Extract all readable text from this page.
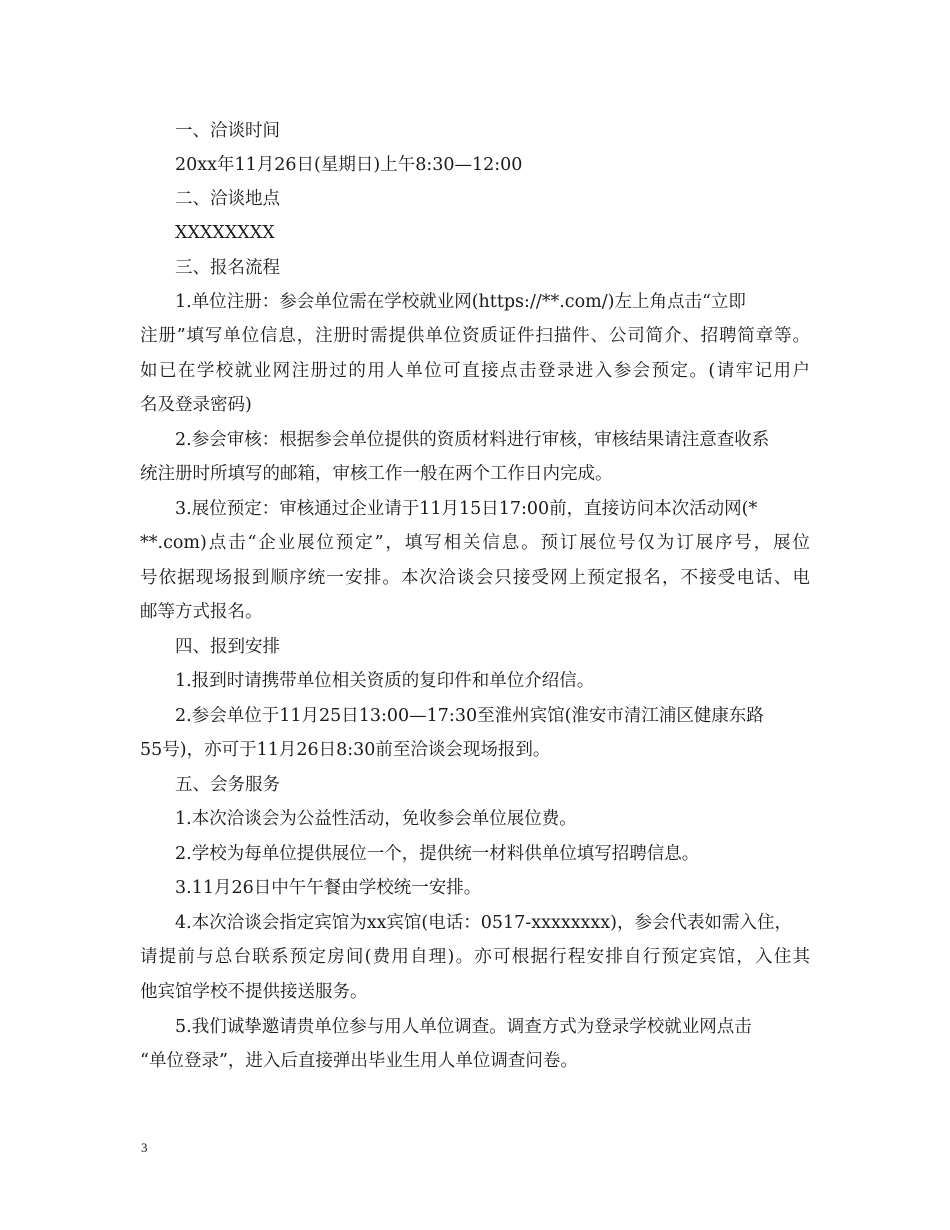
一、洽谈时间
20xx年11月26日(星期日)上午8:30—12:00
二、洽谈地点
XXXXXXXX
三、报名流程
1.单位注册：参会单位需在学校就业网(https://**.com/)左上角点击“立即
注册”填写单位信息，注册时需提供单位资质证件扫描件、公司简介、招聘简章等。
如已在学校就业网注册过的用人单位可直接点击登录进入参会预定。(请牢记用户
名及登录密码)
2.参会审核：根据参会单位提供的资质材料进行审核，审核结果请注意查收系
统注册时所填写的邮箱，审核工作一般在两个工作日内完成。
3.展位预定：审核通过企业请于11月15日17:00前，直接访问本次活动网(*
**.com)点击“企业展位预定”，填写相关信息。预订展位号仅为订展序号，展位
号依据现场报到顺序统一安排。本次洽谈会只接受网上预定报名，不接受电话、电
邮等方式报名。
四、报到安排
1.报到时请携带单位相关资质的复印件和单位介绍信。
2.参会单位于11月25日13:00—17:30至淮州宾馆(淮安市清江浦区健康东路
55号)，亦可于11月26日8:30前至洽谈会现场报到。
五、会务服务
1.本次洽谈会为公益性活动，免收参会单位展位费。
2.学校为每单位提供展位一个，提供统一材料供单位填写招聘信息。
3.11月26日中午午餐由学校统一安排。
4.本次洽谈会指定宾馆为xx宾馆(电话：0517-xxxxxxxx)，参会代表如需入住，
请提前与总台联系预定房间(费用自理)。亦可根据行程安排自行预定宾馆，入住其
他宾馆学校不提供接送服务。
5.我们诚挚邀请贵单位参与用人单位调查。调查方式为登录学校就业网点击
“单位登录”，进入后直接弹出毕业生用人单位调查问卷。
3
